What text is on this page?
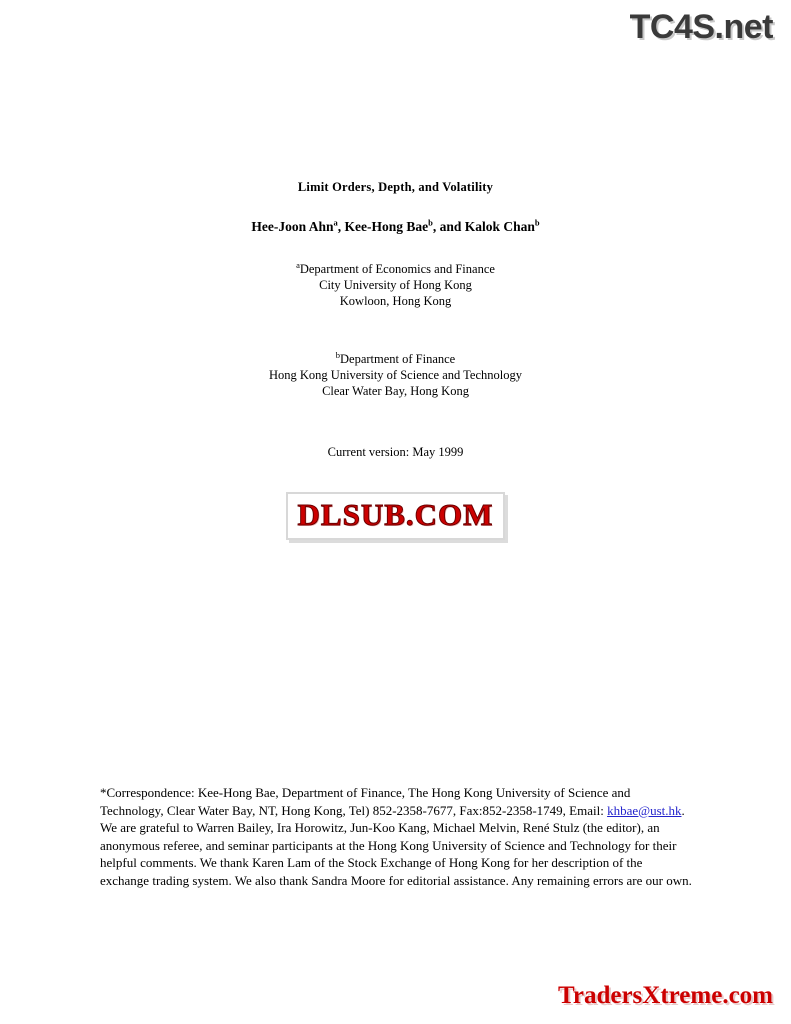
TC4S.net
Limit Orders, Depth, and Volatility
Hee-Joon Ahn$^a$, Kee-Hong Bae$^b$, and Kalok Chan$^b$
$^a$Department of Economics and Finance
City University of Hong Kong
Kowloon, Hong Kong
$^b$Department of Finance
Hong Kong University of Science and Technology
Clear Water Bay, Hong Kong
Current version: May 1999
DLSUB.COM
*Correspondence: Kee-Hong Bae, Department of Finance, The Hong Kong University of Science and Technology, Clear Water Bay, NT, Hong Kong, Tel) 852-2358-7677, Fax:852-2358-1749, Email: khbae@ust.hk.
We are grateful to Warren Bailey, Ira Horowitz, Jun-Koo Kang, Michael Melvin, René Stulz (the editor), an anonymous referee, and seminar participants at the Hong Kong University of Science and Technology for their helpful comments. We thank Karen Lam of the Stock Exchange of Hong Kong for her description of the exchange trading system. We also thank Sandra Moore for editorial assistance. Any remaining errors are our own.
TradersXtreme.com
